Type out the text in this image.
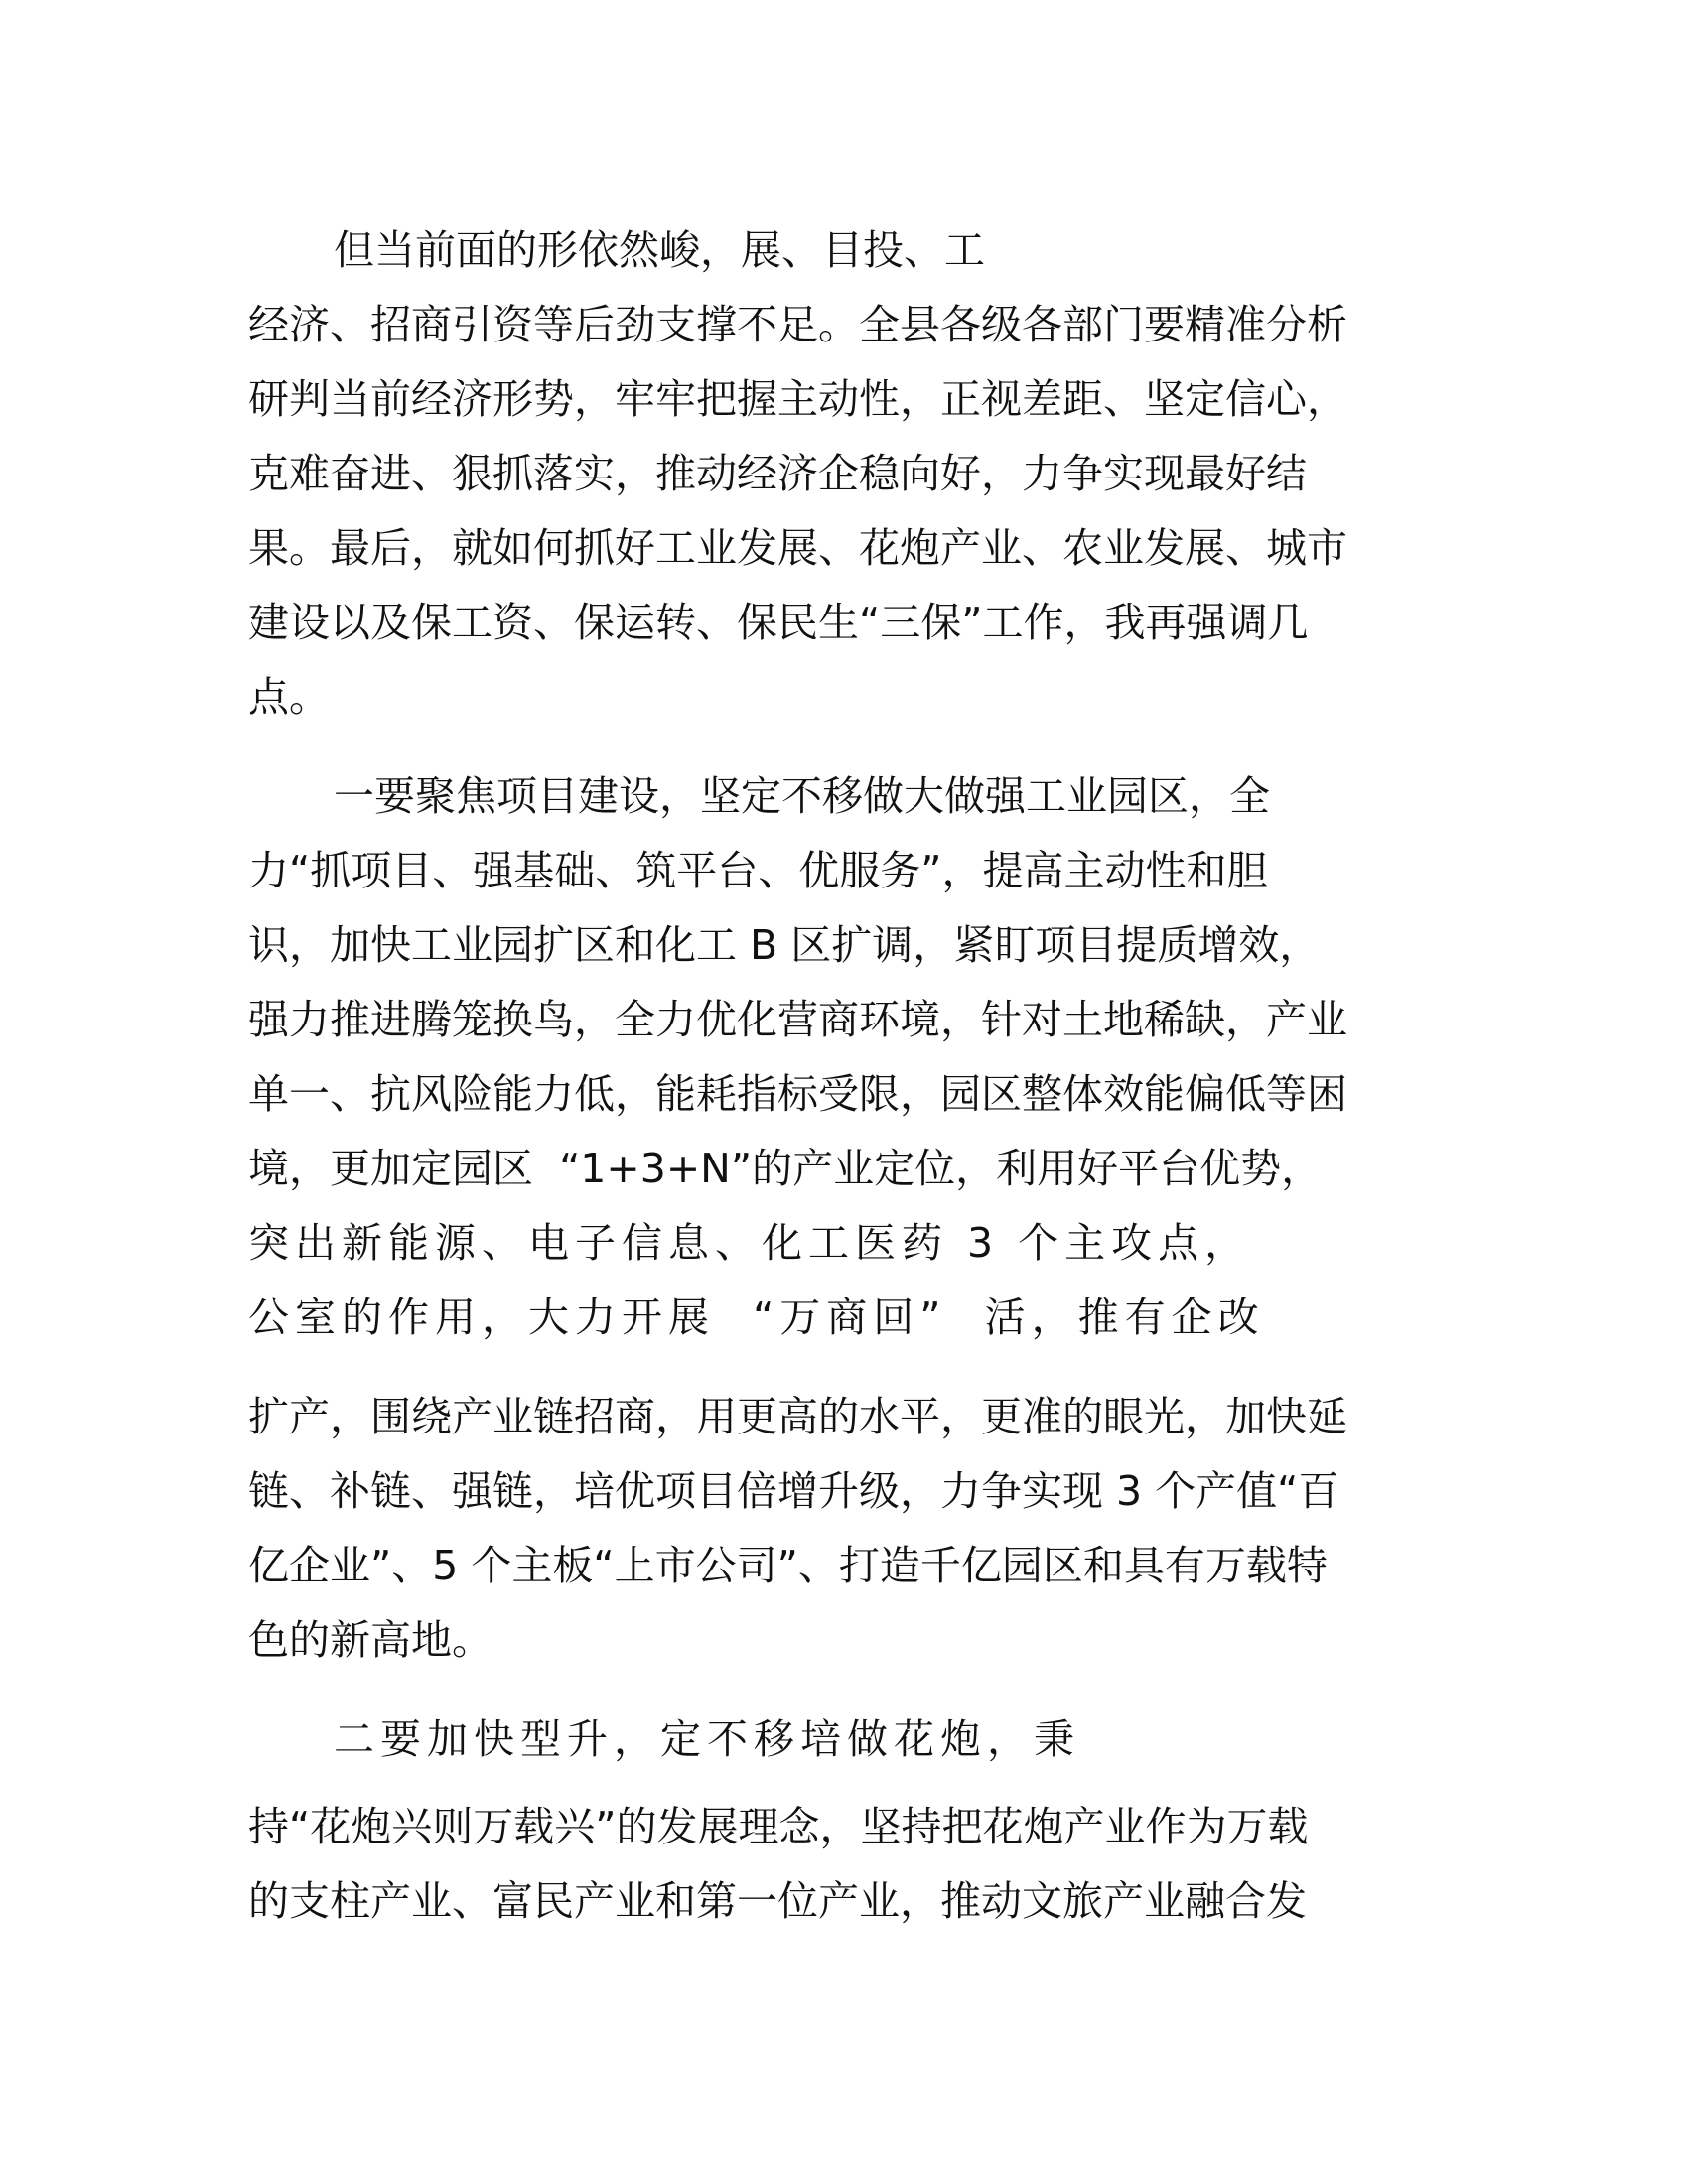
但当前面的形依然峻，展、目投、工
经济、招商引资等后劲支撑不足。全县各级各部门要精准分析
研判当前经济形势，牢牢把握主动性，正视差距、坚定信心，
克难奋进、狠抓落实，推动经济企稳向好，力争实现最好结
果。最后，就如何抓好工业发展、花炮产业、农业发展、城市
建设以及保工资、保运转、保民生“三保”工作，我再强调几
点。
一要聚焦项目建设，坚定不移做大做强工业园区，全
力“抓项目、强基础、筑平台、优服务”，提高主动性和胆
识，加快工业园扩区和化工 B 区扩调，紧盯项目提质增效，
强力推进腾笼换鸟，全力优化营商环境，针对土地稀缺，产业
单一、抗风险能力低，能耗指标受限，园区整体效能偏低等困
境，更加定园区  “1+3+N”的产业定位，利用好平台优势，
突出新能源、电子信息、化工医药 3 个主攻点，
公室的作用，大力开展  “万商回”  活，推有企改
扩产，围绕产业链招商，用更高的水平，更准的眼光，加快延
链、补链、强链，培优项目倍增升级，力争实现 3 个产值“百
亿企业”、5 个主板“上市公司”、打造千亿园区和具有万载特
色的新高地。
二要加快型升，定不移培做花炮，秉
持“花炮兴则万载兴”的发展理念，坚持把花炮产业作为万载
的支柱产业、富民产业和第一位产业，推动文旅产业融合发
